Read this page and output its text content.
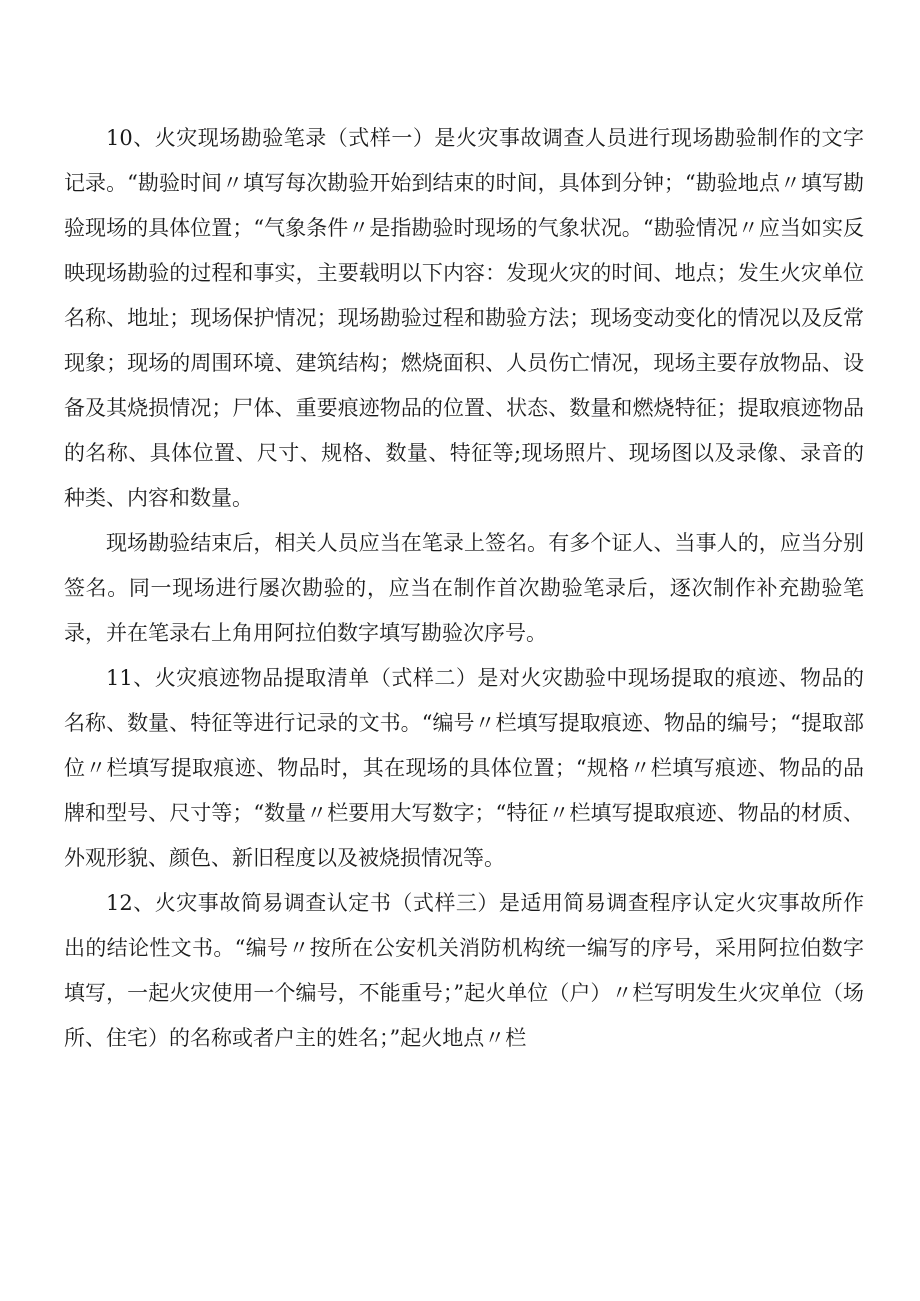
10、火灾现场勘验笔录（式样一）是火灾事故调查人员进行现场勘验制作的文字记录。“勘验时间〃填写每次勘验开始到结束的时间，具体到分钟；“勘验地点〃填写勘验现场的具体位置；“气象条件〃是指勘验时现场的气象状况。“勘验情况〃应当如实反映现场勘验的过程和事实，主要载明以下内容：发现火灾的时间、地点；发生火灾单位名称、地址；现场保护情况；现场勘验过程和勘验方法；现场变动变化的情况以及反常现象；现场的周围环境、建筑结构；燃烧面积、人员伤亡情况，现场主要存放物品、设备及其烧损情况；尸体、重要痕迹物品的位置、状态、数量和燃烧特征；提取痕迹物品的名称、具体位置、尺寸、规格、数量、特征等;现场照片、现场图以及录像、录音的种类、内容和数量。

现场勘验结束后，相关人员应当在笔录上签名。有多个证人、当事人的，应当分别签名。同一现场进行屡次勘验的，应当在制作首次勘验笔录后，逐次制作补充勘验笔录，并在笔录右上角用阿拉伯数字填写勘验次序号。

11、火灾痕迹物品提取清单（式样二）是对火灾勘验中现场提取的痕迹、物品的名称、数量、特征等进行记录的文书。“编号〃栏填写提取痕迹、物品的编号；“提取部位〃栏填写提取痕迹、物品时，其在现场的具体位置；“规格〃栏填写痕迹、物品的品牌和型号、尺寸等；“数量〃栏要用大写数字；“特征〃栏填写提取痕迹、物品的材质、外观形貌、颜色、新旧程度以及被烧损情况等。

12、火灾事故简易调查认定书（式样三）是适用简易调查程序认定火灾事故所作出的结论性文书。“编号〃按所在公安机关消防机构统一编写的序号，采用阿拉伯数字填写，一起火灾使用一个编号，不能重号；”起火单位（户）〃栏写明发生火灾单位（场所、住宅）的名称或者户主的姓名；”起火地点〃栏
